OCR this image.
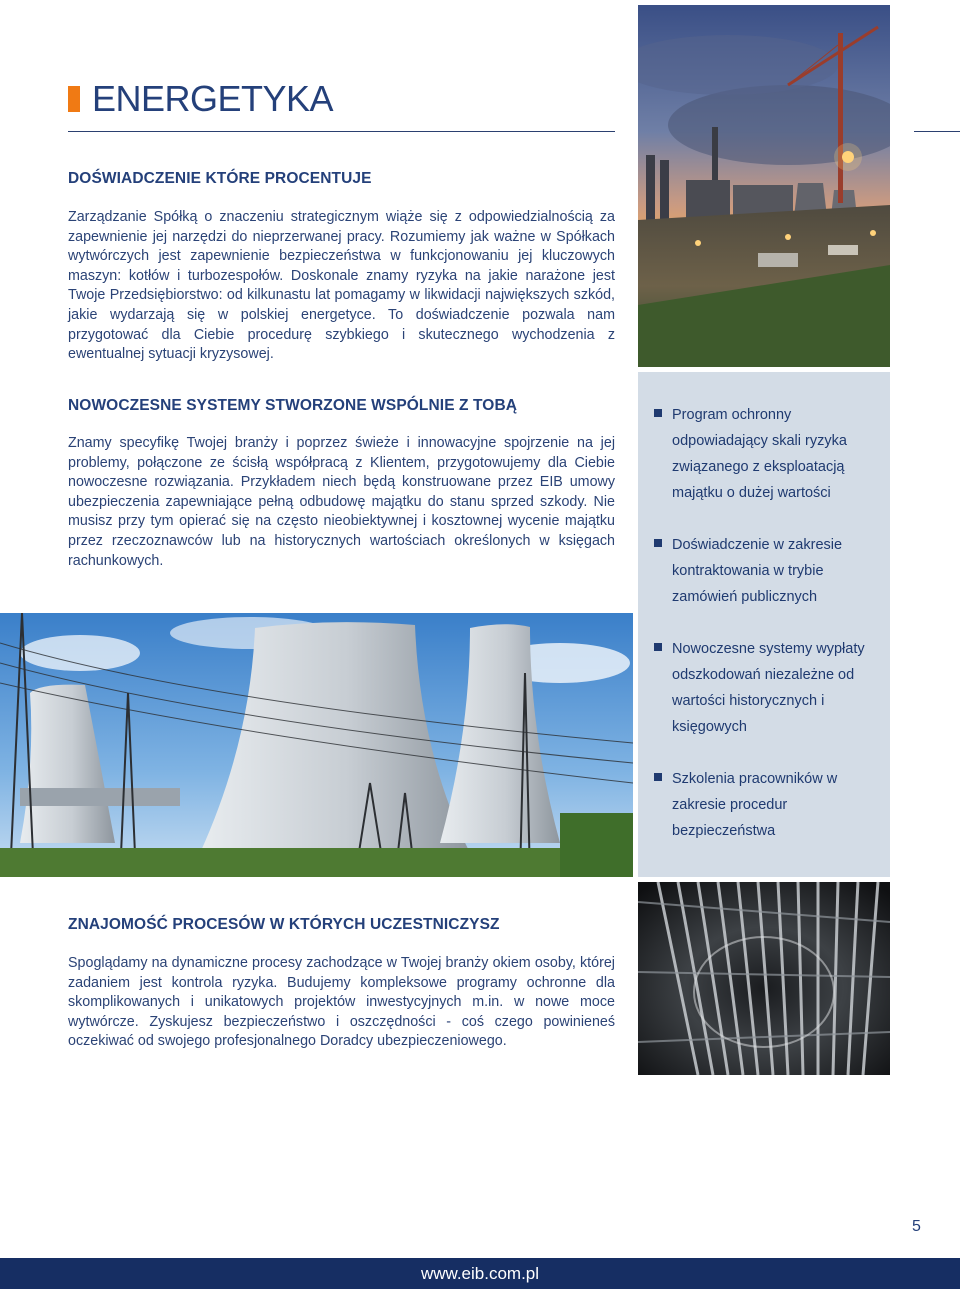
ENERGETYKA
DOŚWIADCZENIE KTÓRE PROCENTUJE
Zarządzanie Spółką o znaczeniu strategicznym wiąże się z odpowiedzialnością za zapewnienie jej narzędzi do nieprzerwanej pracy. Rozumiemy jak ważne w Spółkach wytwórczych jest zapewnienie bezpieczeństwa w funkcjonowaniu jej kluczowych maszyn: kotłów i turbozespołów. Doskonale znamy ryzyka na jakie narażone jest Twoje Przedsiębiorstwo: od kilkunastu lat pomagamy w likwidacji największych szkód, jakie wydarzają się w polskiej energetyce. To doświadczenie pozwala nam przygotować dla Ciebie procedurę szybkiego i skutecznego wychodzenia z ewentualnej sytuacji kryzysowej.
NOWOCZESNE SYSTEMY STWORZONE WSPÓLNIE Z TOBĄ
Znamy specyfikę Twojej branży i poprzez świeże i innowacyjne spojrzenie na jej problemy, połączone ze ścisłą współpracą z Klientem, przygotowujemy dla Ciebie nowoczesne rozwiązania. Przykładem niech będą konstruowane przez EIB umowy ubezpieczenia zapewniające pełną odbudowę majątku do stanu sprzed szkody. Nie musisz przy tym opierać się na często nieobiektywnej i kosztownej wycenie majątku przez rzeczoznawców lub na historycznych wartościach określonych w księgach rachunkowych.
ZNAJOMOŚĆ PROCESÓW W KTÓRYCH UCZESTNICZYSZ
Spoglądamy na dynamiczne procesy zachodzące w Twojej branży okiem osoby, której zadaniem jest kontrola ryzyka. Budujemy kompleksowe programy ochronne dla skomplikowanych i unikatowych projektów inwestycyjnych m.in. w nowe moce wytwórcze. Zyskujesz bezpieczeństwo i oszczędności - coś czego powinieneś oczekiwać od swojego profesjonalnego Doradcy ubezpieczeniowego.
Program ochronny odpowiadający skali ryzyka związanego z eksploatacją majątku o dużej wartości
Doświadczenie w zakresie kontraktowania w trybie zamówień publicznych
Nowoczesne systemy wypłaty odszkodowań niezależne od wartości historycznych i księgowych
Szkolenia pracowników w zakresie procedur bezpieczeństwa
5
www.eib.com.pl
